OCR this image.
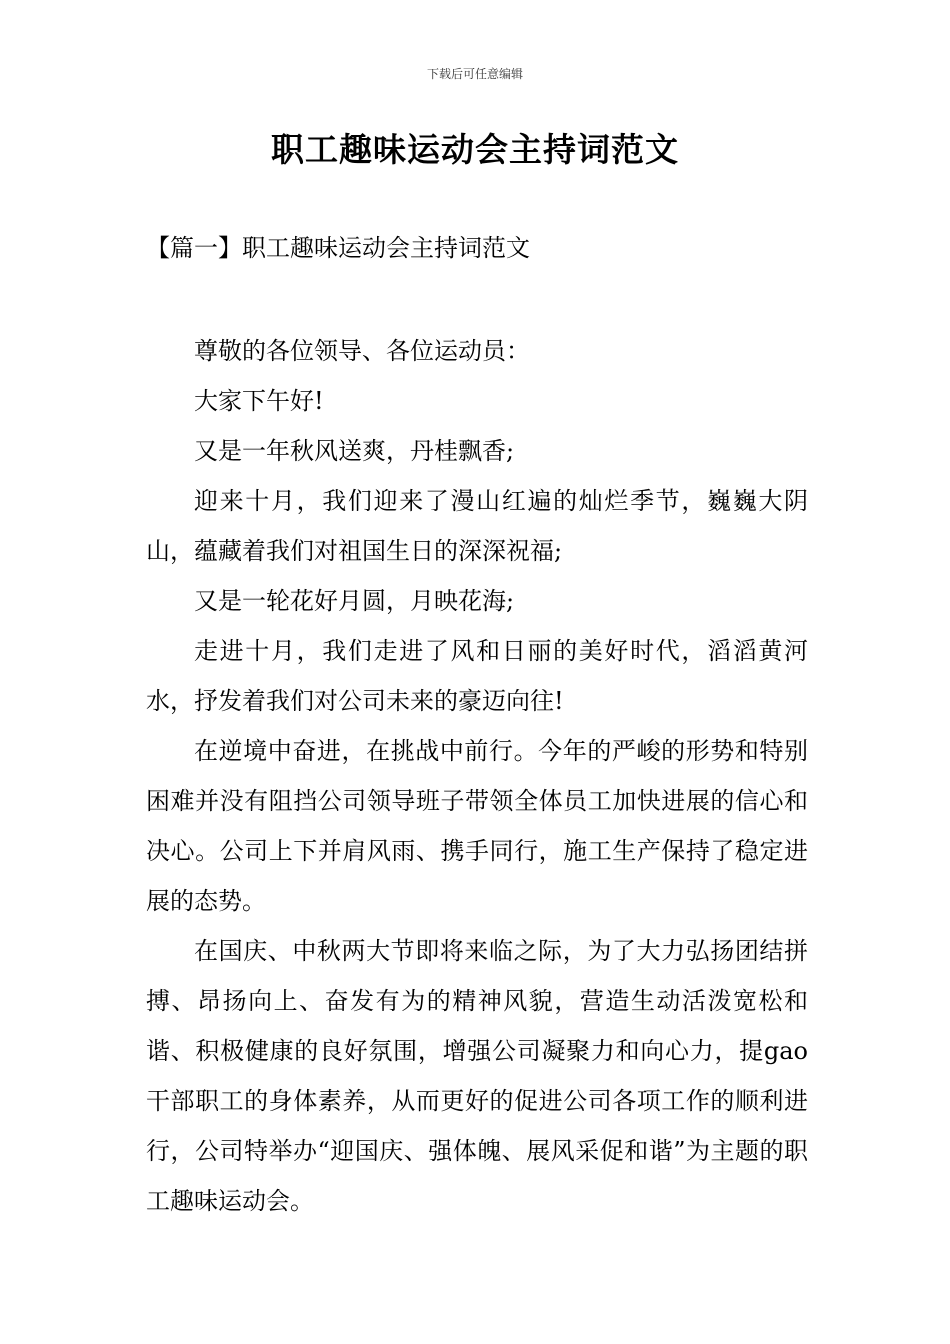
下载后可任意编辑
职工趣味运动会主持词范文
【篇一】职工趣味运动会主持词范文

尊敬的各位领导、各位运动员：

大家下午好!

又是一年秋风送爽，丹桂飘香;

迎来十月，我们迎来了漫山红遍的灿烂季节，巍巍大阴山，蕴藏着我们对祖国生日的深深祝福;

又是一轮花好月圆，月映花海;

走进十月，我们走进了风和日丽的美好时代，滔滔黄河水，抒发着我们对公司未来的豪迈向往!

在逆境中奋进，在挑战中前行。今年的严峻的形势和特别困难并没有阻挡公司领导班子带领全体员工加快进展的信心和决心。公司上下并肩风雨、携手同行，施工生产保持了稳定进展的态势。

在国庆、中秋两大节即将来临之际，为了大力弘扬团结拼搏、昂扬向上、奋发有为的精神风貌，营造生动活泼宽松和谐、积极健康的良好氛围，增强公司凝聚力和向心力，提gao干部职工的身体素养，从而更好的促进公司各项工作的顺利进行，公司特举办“迎国庆、强体魄、展风采促和谐”为主题的职工趣味运动会。
